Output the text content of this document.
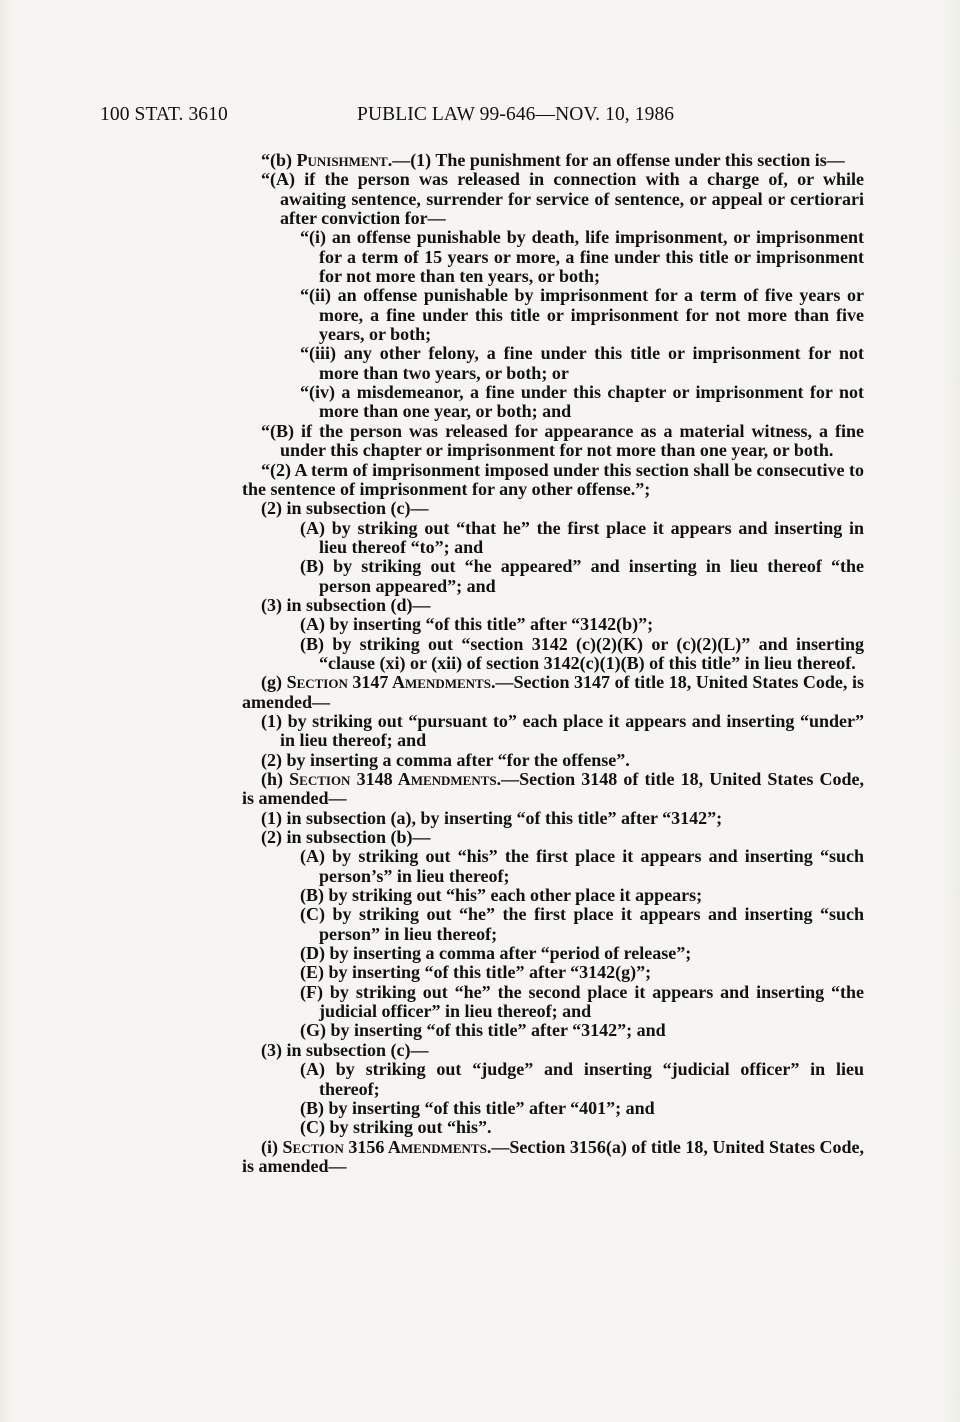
100 STAT. 3610	PUBLIC LAW 99-646—NOV. 10, 1986

“(b) Punishment.—(1) The punishment for an offense under this section is—

“(A) if the person was released in connection with a charge of, or while awaiting sentence, surrender for service of sentence, or appeal or certiorari after conviction for—

“(i) an offense punishable by death, life imprisonment, or imprisonment for a term of 15 years or more, a fine under this title or imprisonment for not more than ten years, or both;

“(ii) an offense punishable by imprisonment for a term of five years or more, a fine under this title or imprisonment for not more than five years, or both;

“(iii) any other felony, a fine under this title or imprisonment for not more than two years, or both; or

“(iv) a misdemeanor, a fine under this chapter or imprisonment for not more than one year, or both; and

“(B) if the person was released for appearance as a material witness, a fine under this chapter or imprisonment for not more than one year, or both.

“(2) A term of imprisonment imposed under this section shall be consecutive to the sentence of imprisonment for any other offense.”;

(2) in subsection (c)—

(A) by striking out “that he” the first place it appears and inserting in lieu thereof “to”; and

(B) by striking out “he appeared” and inserting in lieu thereof “the person appeared”; and

(3) in subsection (d)—

(A) by inserting “of this title” after “3142(b)”;

(B) by striking out “section 3142 (c)(2)(K) or (c)(2)(L)” and inserting “clause (xi) or (xii) of section 3142(c)(1)(B) of this title” in lieu thereof.

(g) Section 3147 Amendments.—Section 3147 of title 18, United States Code, is amended—

(1) by striking out “pursuant to” each place it appears and inserting “under” in lieu thereof; and

(2) by inserting a comma after “for the offense”.

(h) Section 3148 Amendments.—Section 3148 of title 18, United States Code, is amended—

(1) in subsection (a), by inserting “of this title” after “3142”;

(2) in subsection (b)—

(A) by striking out “his” the first place it appears and inserting “such person’s” in lieu thereof;

(B) by striking out “his” each other place it appears;

(C) by striking out “he” the first place it appears and inserting “such person” in lieu thereof;

(D) by inserting a comma after “period of release”;

(E) by inserting “of this title” after “3142(g)”;

(F) by striking out “he” the second place it appears and inserting “the judicial officer” in lieu thereof; and

(G) by inserting “of this title” after “3142”; and

(3) in subsection (c)—

(A) by striking out “judge” and inserting “judicial officer” in lieu thereof;

(B) by inserting “of this title” after “401”; and

(C) by striking out “his”.

(i) Section 3156 Amendments.—Section 3156(a) of title 18, United States Code, is amended—
